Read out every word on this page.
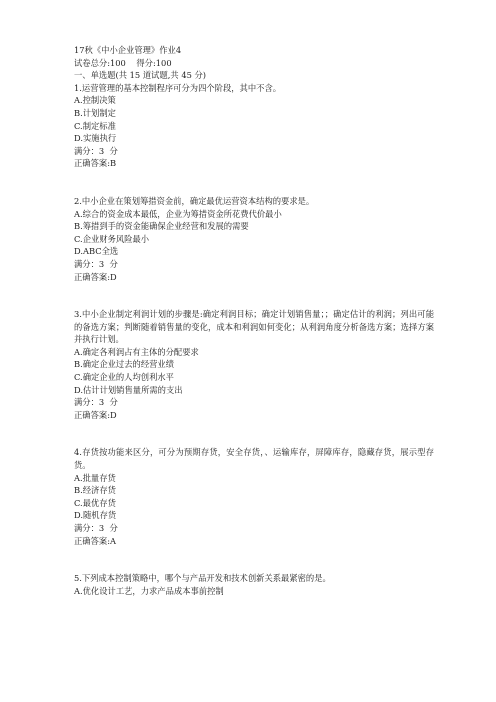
17秋《中小企业管理》作业4

试卷总分:100    得分:100

一、单选题(共 15 道试题,共 45 分)

1.运营管理的基本控制程序可分为四个阶段，其中不含。

A.控制决策

B.计划制定

C.制定标准

D.实施执行

满分：3  分

正确答案:B

2.中小企业在策划筹措资金前，确定最优运营资本结构的要求是。

A.综合的资金成本最低，企业为筹措资金所花费代价最小

B.筹措到手的资金能确保企业经营和发展的需要

C.企业财务风险最小

D.ABC全选

满分：3  分

正确答案:D

3.中小企业制定利润计划的步骤是:确定利润目标；确定计划销售量；；确定估计的利润；列出可能的备选方案；判断随着销售量的变化，成本和利润如何变化；从利润角度分析备选方案；选择方案并执行计划。

A.确定各利润占有主体的分配要求

B.确定企业过去的经营业绩

C.确定企业的人均创利水平

D.估计计划销售量所需的支出

满分：3  分

正确答案:D

4.存货按功能来区分，可分为预期存货，安全存货，、运输库存，屏障库存，隐藏存货，展示型存货。

A.批量存货

B.经济存货

C.最优存货

D.随机存货

满分：3  分

正确答案:A

5.下列成本控制策略中，哪个与产品开发和技术创新关系最紧密的是。

A.优化设计工艺，力求产品成本事前控制
